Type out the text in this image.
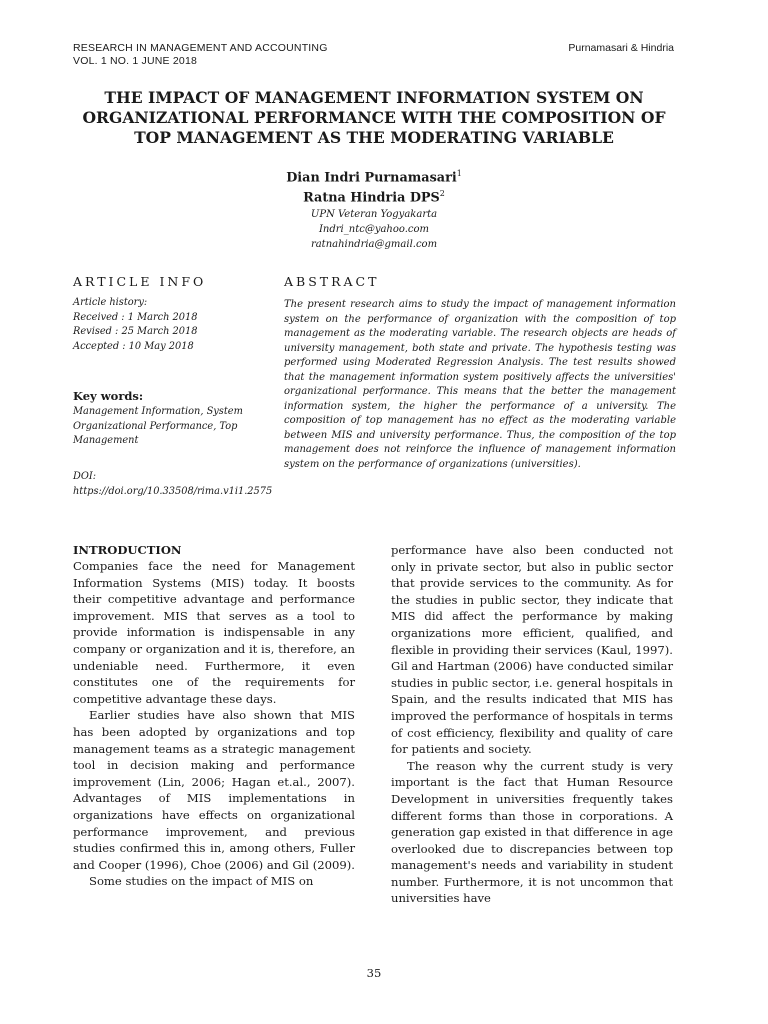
RESEARCH IN MANAGEMENT AND ACCOUNTING
VOL. 1 NO. 1 JUNE 2018
Purnamasari & Hindria
THE IMPACT OF MANAGEMENT INFORMATION SYSTEM ON
ORGANIZATIONAL PERFORMANCE WITH THE COMPOSITION OF
TOP MANAGEMENT AS THE MODERATING VARIABLE
Dian Indri Purnamasari$^1$
Ratna Hindria DPS$^2$
UPN Veteran Yogyakarta
Indri_ntc@yahoo.com
ratnahindria@gmail.com
ARTICLE INFO	ABSTRACT
Article history:
Received : 1 March 2018
Revised : 25 March 2018
Accepted : 10 May 2018
Key words:
Management Information, System Organizational Performance, Top Management
DOI:
https://doi.org/10.33508/rima.v1i1.2575
The present research aims to study the impact of management information system on the performance of organization with the composition of top management as the moderating variable. The research objects are heads of university management, both state and private. The hypothesis testing was performed using Moderated Regression Analysis. The test results showed that the management information system positively affects the universities' organizational performance. This means that the better the management information system, the higher the performance of a university. The composition of top management has no effect as the moderating variable between MIS and university performance. Thus, the composition of the top management does not reinforce the influence of management information system on the performance of organizations (universities).
INTRODUCTION

Companies face the need for Management Information Systems (MIS) today. It boosts their competitive advantage and performance improvement. MIS that serves as a tool to provide information is indispensable in any company or organization and it is, therefore, an undeniable need. Furthermore, it even constitutes one of the requirements for competitive advantage these days.

Earlier studies have also shown that MIS has been adopted by organizations and top management teams as a strategic management tool in decision making and performance improvement (Lin, 2006; Hagan et.al., 2007). Advantages of MIS implementations in organizations have effects on organizational performance improvement, and previous studies confirmed this in, among others, Fuller and Cooper (1996), Choe (2006) and Gil (2009).

Some studies on the impact of MIS on

performance have also been conducted not only in private sector, but also in public sector that provide services to the community. As for the studies in public sector, they indicate that MIS did affect the performance by making organizations more efficient, qualified, and flexible in providing their services (Kaul, 1997). Gil and Hartman (2006) have conducted similar studies in public sector, i.e. general hospitals in Spain, and the results indicated that MIS has improved the performance of hospitals in terms of cost efficiency, flexibility and quality of care for patients and society.

The reason why the current study is very important is the fact that Human Resource Development in universities frequently takes different forms than those in corporations. A generation gap existed in that difference in age overlooked due to discrepancies between top management's needs and variability in student number. Furthermore, it is not uncommon that universities have

35
